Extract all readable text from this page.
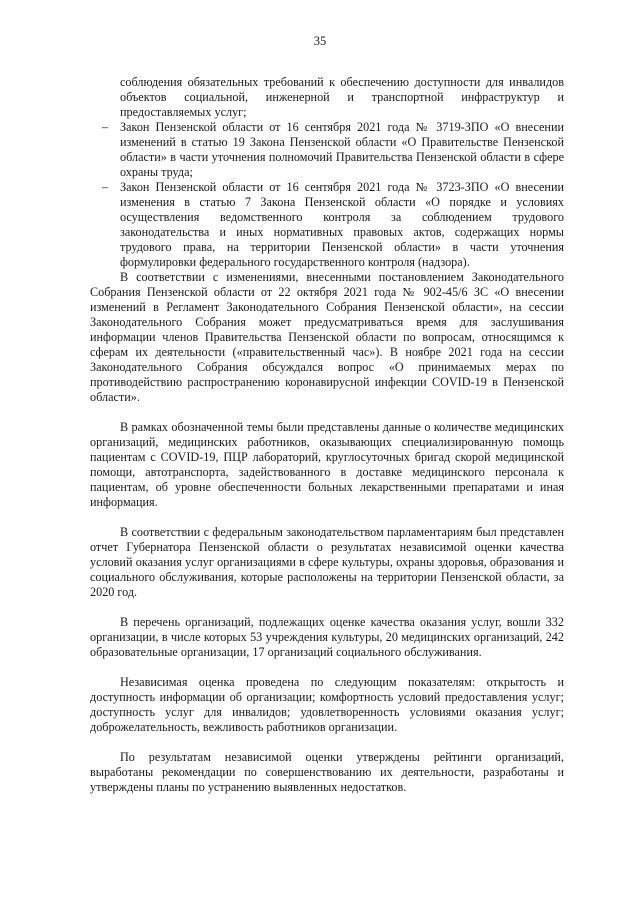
35

соблюдения обязательных требований к обеспечению доступности для инвалидов объектов социальной, инженерной и транспортной инфраструктур и предоставляемых услуг;

– Закон Пензенской области от 16 сентября 2021 года № 3719-ЗПО «О внесении изменений в статью 19 Закона Пензенской области «О Правительстве Пензенской области» в части уточнения полномочий Правительства Пензенской области в сфере охраны труда;
– Закон Пензенской области от 16 сентября 2021 года № 3723-ЗПО «О внесении изменения в статью 7 Закона Пензенской области «О порядке и условиях осуществления ведомственного контроля за соблюдением трудового законодательства и иных нормативных правовых актов, содержащих нормы трудового права, на территории Пензенской области» в части уточнения формулировки федерального государственного контроля (надзора).

В соответствии с изменениями, внесенными постановлением Законодательного Собрания Пензенской области от 22 октября 2021 года № 902-45/6 ЗС «О внесении изменений в Регламент Законодательного Собрания Пензенской области», на сессии Законодательного Собрания может предусматриваться время для заслушивания информации членов Правительства Пензенской области по вопросам, относящимся к сферам их деятельности («правительственный час»). В ноябре 2021 года на сессии Законодательного Собрания обсуждался вопрос «О принимаемых мерах по противодействию распространению коронавирусной инфекции COVID-19 в Пензенской области».

В рамках обозначенной темы были представлены данные о количестве медицинских организаций, медицинских работников, оказывающих специализированную помощь пациентам с COVID-19, ПЦР лабораторий, круглосуточных бригад скорой медицинской помощи, автотранспорта, задействованного в доставке медицинского персонала к пациентам, об уровне обеспеченности больных лекарственными препаратами и иная информация.

В соответствии с федеральным законодательством парламентариям был представлен отчет Губернатора Пензенской области о результатах независимой оценки качества условий оказания услуг организациями в сфере культуры, охраны здоровья, образования и социального обслуживания, которые расположены на территории Пензенской области, за 2020 год.

В перечень организаций, подлежащих оценке качества оказания услуг, вошли 332 организации, в числе которых 53 учреждения культуры, 20 медицинских организаций, 242 образовательные организации, 17 организаций социального обслуживания.

Независимая оценка проведена по следующим показателям: открытость и доступность информации об организации; комфортность условий предоставления услуг; доступность услуг для инвалидов; удовлетворенность условиями оказания услуг; доброжелательность, вежливость работников организации.

По результатам независимой оценки утверждены рейтинги организаций, выработаны рекомендации по совершенствованию их деятельности, разработаны и утверждены планы по устранению выявленных недостатков.
